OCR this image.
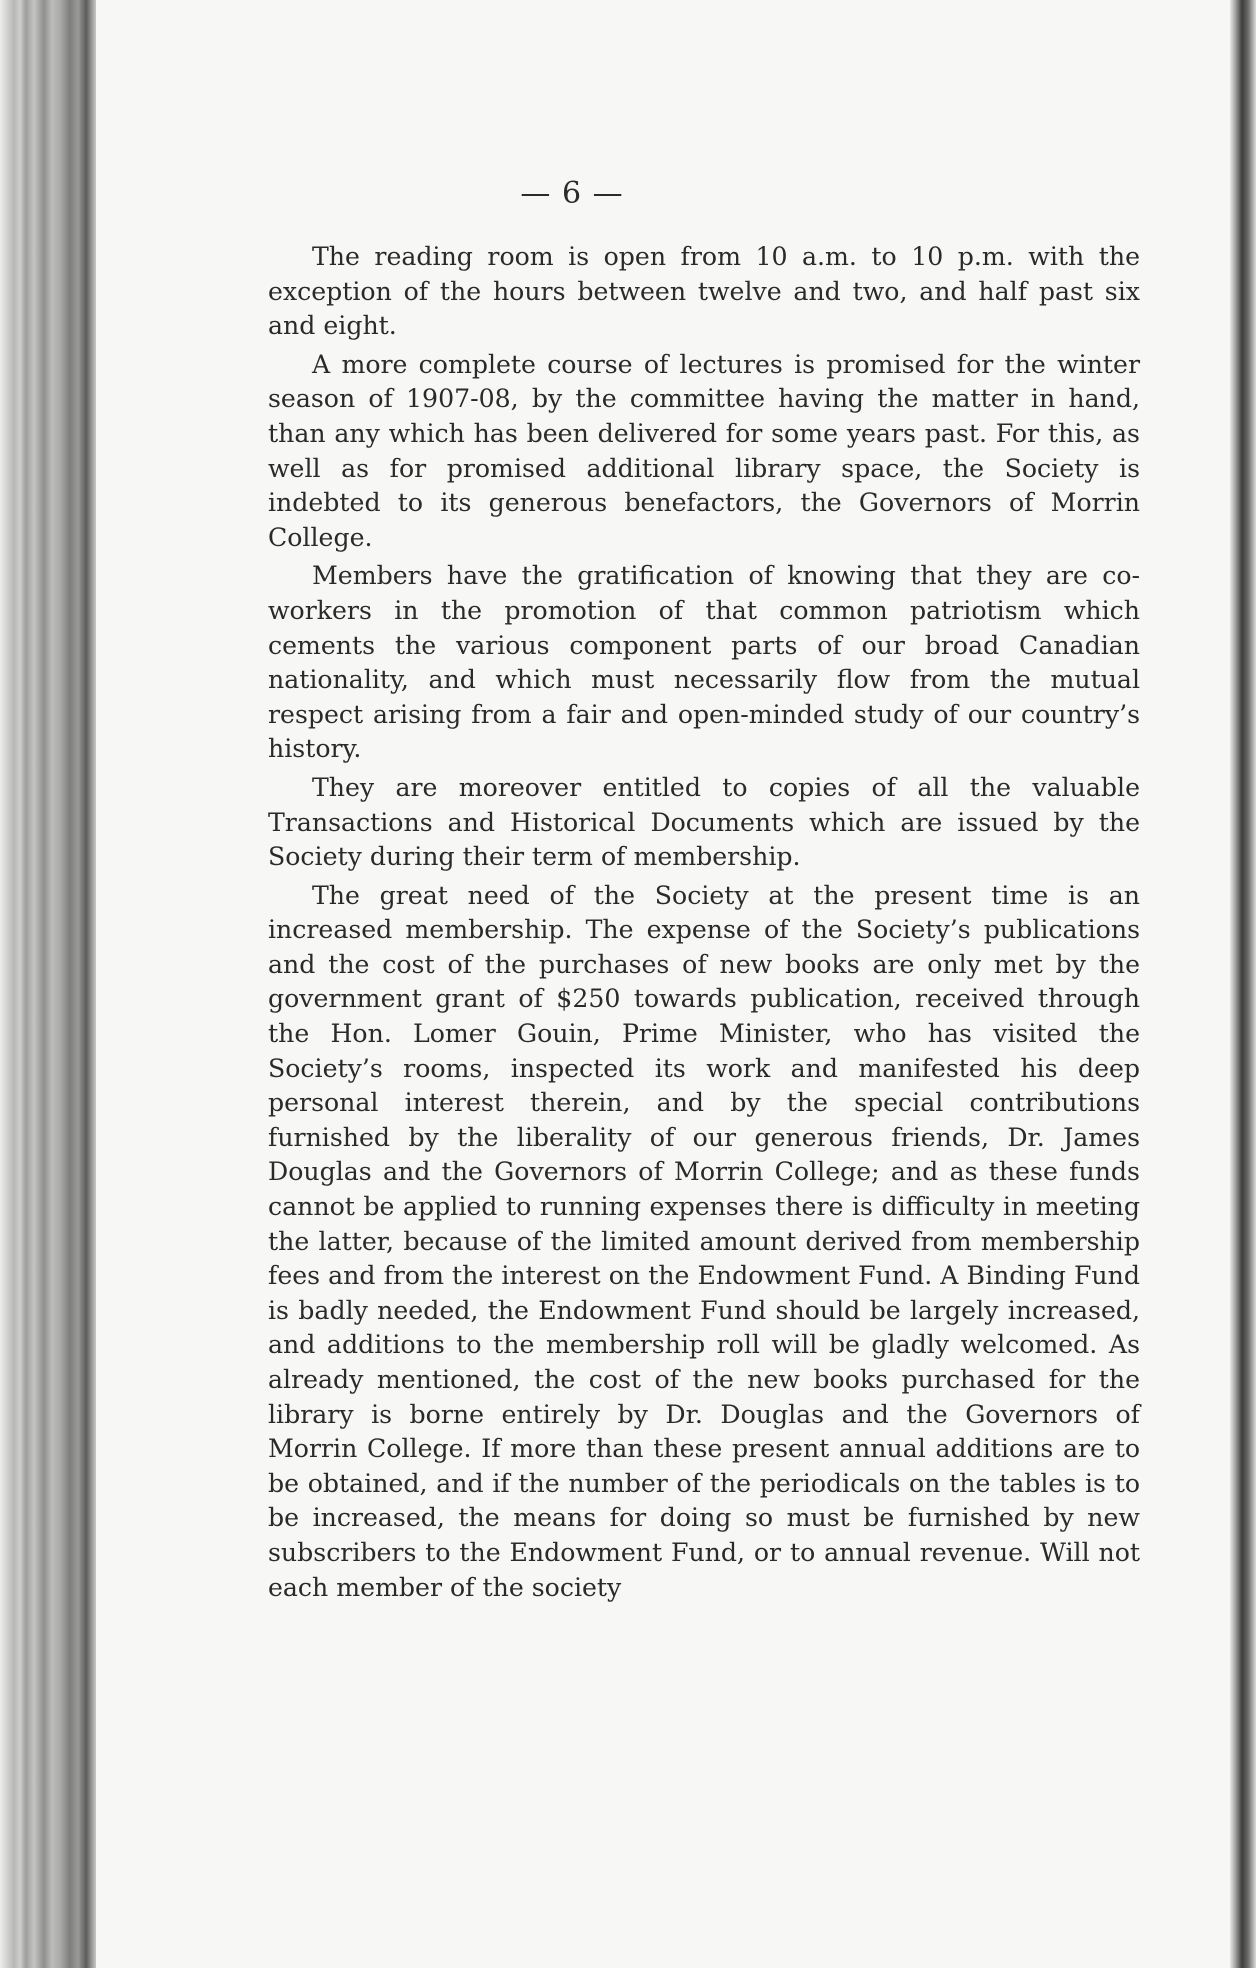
— 6 —

The reading room is open from 10 a.m. to 10 p.m. with the exception of the hours between twelve and two, and half past six and eight.

A more complete course of lectures is promised for the winter season of 1907-08, by the committee having the matter in hand, than any which has been delivered for some years past. For this, as well as for promised additional library space, the Society is indebted to its generous benefactors, the Governors of Morrin College.

Members have the gratification of knowing that they are co-workers in the promotion of that common patriotism which cements the various component parts of our broad Canadian nationality, and which must necessarily flow from the mutual respect arising from a fair and open-minded study of our country’s history.

They are moreover entitled to copies of all the valuable Transactions and Historical Documents which are issued by the Society during their term of membership.

The great need of the Society at the present time is an increased membership. The expense of the Society’s publications and the cost of the purchases of new books are only met by the government grant of $250 towards publication, received through the Hon. Lomer Gouin, Prime Minister, who has visited the Society’s rooms, inspected its work and manifested his deep personal interest therein, and by the special contributions furnished by the liberality of our generous friends, Dr. James Douglas and the Governors of Morrin College; and as these funds cannot be applied to running expenses there is difficulty in meeting the latter, because of the limited amount derived from membership fees and from the interest on the Endowment Fund. A Binding Fund is badly needed, the Endowment Fund should be largely increased, and additions to the membership roll will be gladly welcomed. As already mentioned, the cost of the new books purchased for the library is borne entirely by Dr. Douglas and the Governors of Morrin College. If more than these present annual additions are to be obtained, and if the number of the periodicals on the tables is to be increased, the means for doing so must be furnished by new subscribers to the Endowment Fund, or to annual revenue. Will not each member of the society
